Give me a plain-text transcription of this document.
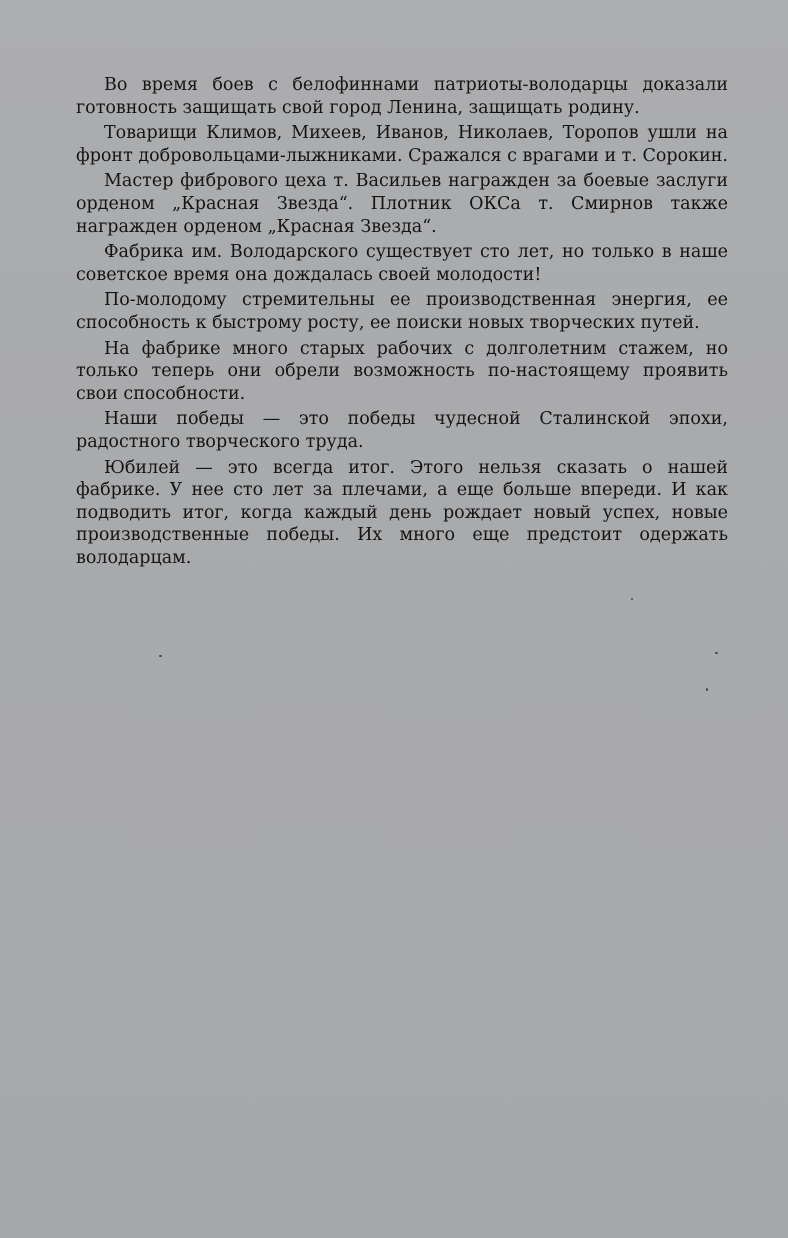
Во время боев с белофиннами патриоты-володарцы доказали готовность защищать свой город Ленина, защищать родину.

Товарищи Климов, Михеев, Иванов, Николаев, Торопов ушли на фронт добровольцами-лыжниками. Сражался с врагами и т. Сорокин.

Мастер фибрового цеха т. Васильев награжден за боевые заслуги орденом „Красная Звезда“. Плотник ОКСа т. Смирнов также награжден орденом „Красная Звезда“.

Фабрика им. Володарского существует сто лет, но только в наше советское время она дождалась своей молодости!

По-молодому стремительны ее производственная энергия, ее способность к быстрому росту, ее поиски новых творческих путей.

На фабрике много старых рабочих с долголетним стажем, но только теперь они обрели возможность по-настоящему проявить свои способности.

Наши победы — это победы чудесной Сталинской эпохи, радостного творческого труда.

Юбилей — это всегда итог. Этого нельзя сказать о нашей фабрике. У нее сто лет за плечами, а еще больше впереди. И как подводить итог, когда каждый день рождает новый успех, новые производственные победы. Их много еще предстоит одержать володарцам.
